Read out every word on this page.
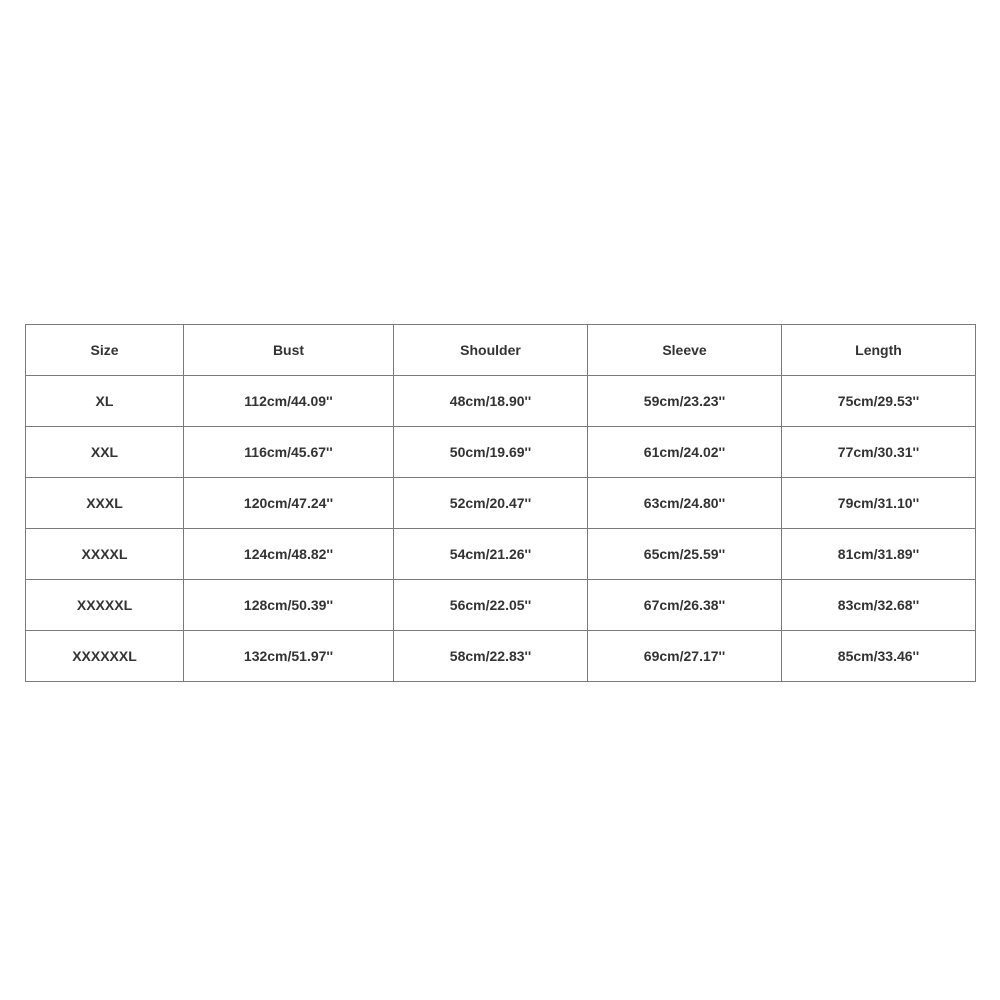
Size	Bust	Shoulder	Sleeve	Length
XL	112cm/44.09''	48cm/18.90''	59cm/23.23''	75cm/29.53''
XXL	116cm/45.67''	50cm/19.69''	61cm/24.02''	77cm/30.31''
XXXL	120cm/47.24''	52cm/20.47''	63cm/24.80''	79cm/31.10''
XXXXL	124cm/48.82''	54cm/21.26''	65cm/25.59''	81cm/31.89''
XXXXXL	128cm/50.39''	56cm/22.05''	67cm/26.38''	83cm/32.68''
XXXXXXL	132cm/51.97''	58cm/22.83''	69cm/27.17''	85cm/33.46''
